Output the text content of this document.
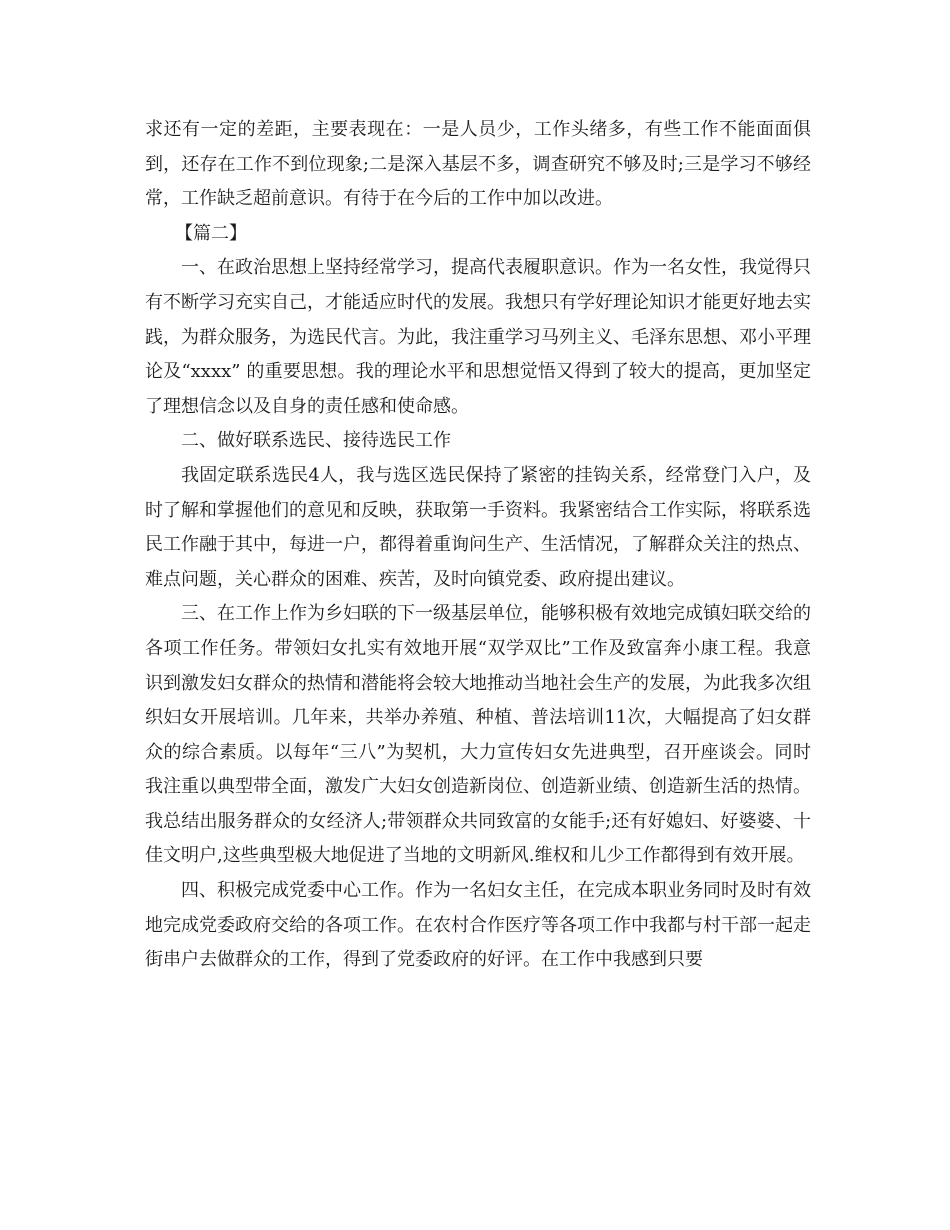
求还有一定的差距，主要表现在：一是人员少，工作头绪多，有些工作不能面面俱到，还存在工作不到位现象;二是深入基层不多，调查研究不够及时;三是学习不够经常，工作缺乏超前意识。有待于在今后的工作中加以改进。

【篇二】

一、在政治思想上坚持经常学习，提高代表履职意识。作为一名女性，我觉得只有不断学习充实自己，才能适应时代的发展。我想只有学好理论知识才能更好地去实践，为群众服务，为选民代言。为此，我注重学习马列主义、毛泽东思想、邓小平理论及“xxxx” 的重要思想。我的理论水平和思想觉悟又得到了较大的提高，更加坚定了理想信念以及自身的责任感和使命感。

二、做好联系选民、接待选民工作

我固定联系选民4人，我与选区选民保持了紧密的挂钩关系，经常登门入户，及时了解和掌握他们的意见和反映，获取第一手资料。我紧密结合工作实际，将联系选民工作融于其中，每进一户，都得着重询问生产、生活情况，了解群众关注的热点、难点问题，关心群众的困难、疾苦，及时向镇党委、政府提出建议。

三、在工作上作为乡妇联的下一级基层单位，能够积极有效地完成镇妇联交给的各项工作任务。带领妇女扎实有效地开展“双学双比”工作及致富奔小康工程。我意识到激发妇女群众的热情和潜能将会较大地推动当地社会生产的发展，为此我多次组织妇女开展培训。几年来，共举办养殖、种植、普法培训11次，大幅提高了妇女群众的综合素质。以每年“三八”为契机，大力宣传妇女先进典型，召开座谈会。同时我注重以典型带全面，激发广大妇女创造新岗位、创造新业绩、创造新生活的热情。我总结出服务群众的女经济人;带领群众共同致富的女能手;还有好媳妇、好婆婆、十佳文明户,这些典型极大地促进了当地的文明新风.维权和儿少工作都得到有效开展。

四、积极完成党委中心工作。作为一名妇女主任，在完成本职业务同时及时有效地完成党委政府交给的各项工作。在农村合作医疗等各项工作中我都与村干部一起走街串户去做群众的工作，得到了党委政府的好评。在工作中我感到只要
